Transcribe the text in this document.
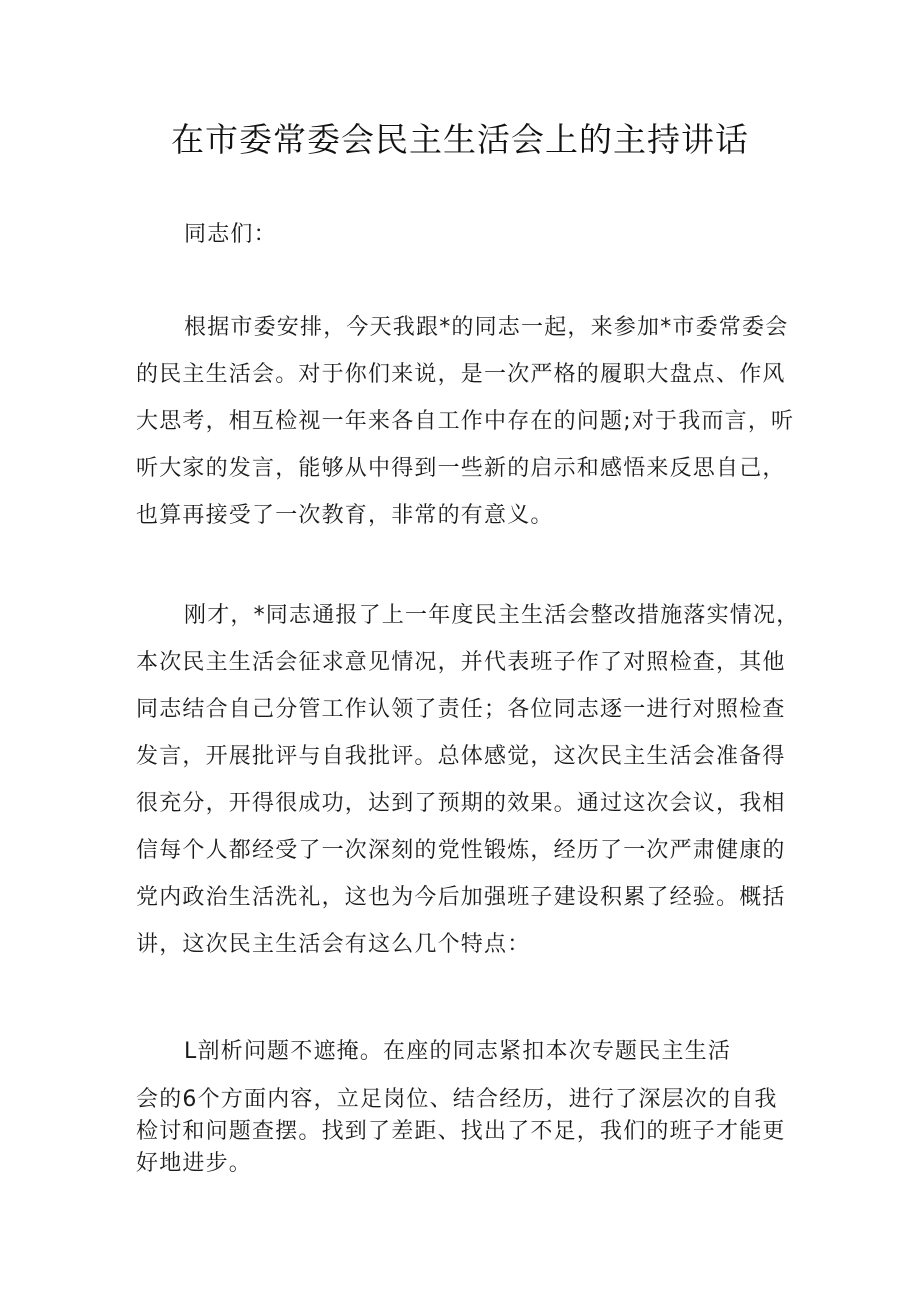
在市委常委会民主生活会上的主持讲话
同志们：
根据市委安排，今天我跟*的同志一起，来参加*市委常委会
的民主生活会。对于你们来说，是一次严格的履职大盘点、作风
大思考，相互检视一年来各自工作中存在的问题;对于我而言，听
听大家的发言，能够从中得到一些新的启示和感悟来反思自己，
也算再接受了一次教育，非常的有意义。
刚才，*同志通报了上一年度民主生活会整改措施落实情况，
本次民主生活会征求意见情况，并代表班子作了对照检查，其他
同志结合自己分管工作认领了责任；各位同志逐一进行对照检查
发言，开展批评与自我批评。总体感觉，这次民主生活会准备得
很充分，开得很成功，达到了预期的效果。通过这次会议，我相
信每个人都经受了一次深刻的党性锻炼，经历了一次严肃健康的
党内政治生活洗礼，这也为今后加强班子建设积累了经验。概括
讲，这次民主生活会有这么几个特点：
L剖析问题不遮掩。在座的同志紧扣本次专题民主生活
会的6个方面内容，立足岗位、结合经历，进行了深层次的自我
检讨和问题查摆。找到了差距、找出了不足，我们的班子才能更
好地进步。
